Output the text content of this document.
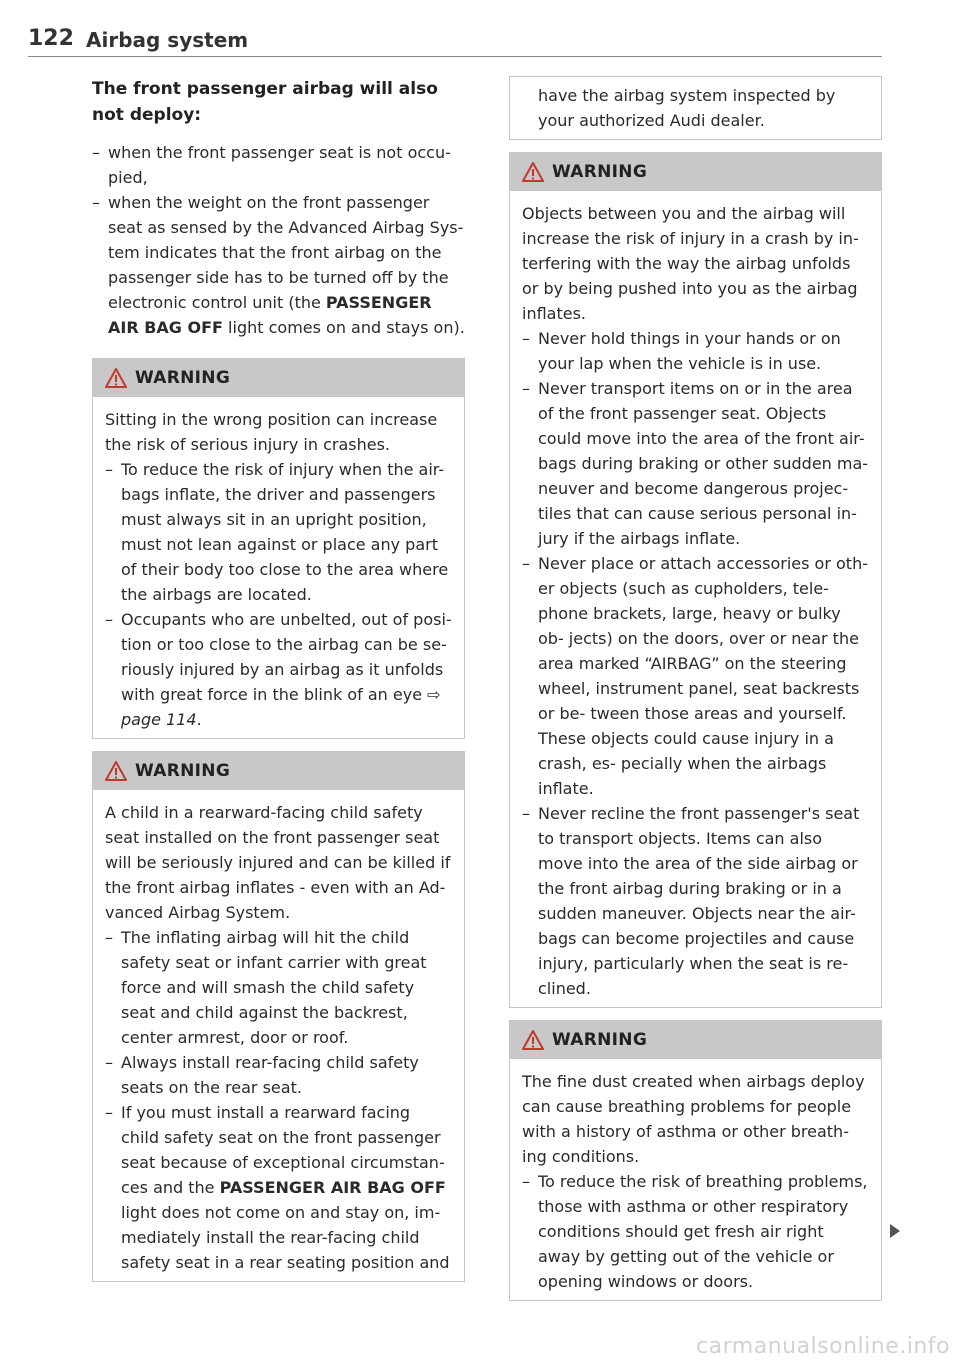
122 Airbag system
The front passenger airbag will also not deploy:
– when the front passenger seat is not occu- pied,
– when the weight on the front passenger seat as sensed by the Advanced Airbag Sys- tem indicates that the front airbag on the passenger side has to be turned off by the electronic control unit (the PASSENGER AIR BAG OFF light comes on and stays on).
WARNING

Sitting in the wrong position can increase the risk of serious injury in crashes.

– To reduce the risk of injury when the air- bags inflate, the driver and passengers must always sit in an upright position, must not lean against or place any part of their body too close to the area where the airbags are located.
– Occupants who are unbelted, out of posi- tion or too close to the airbag can be se- riously injured by an airbag as it unfolds with great force in the blink of an eye ⇨ page 114.
WARNING

A child in a rearward-facing child safety seat installed on the front passenger seat will be seriously injured and can be killed if the front airbag inflates - even with an Ad- vanced Airbag System.

– The inflating airbag will hit the child safety seat or infant carrier with great force and will smash the child safety seat and child against the backrest, center armrest, door or roof.
– Always install rear-facing child safety seats on the rear seat.
– If you must install a rearward facing child safety seat on the front passenger seat because of exceptional circumstan- ces and the PASSENGER AIR BAG OFF light does not come on and stay on, im- mediately install the rear-facing child safety seat in a rear seating position and
have the airbag system inspected by your authorized Audi dealer.
WARNING

Objects between you and the airbag will increase the risk of injury in a crash by in- terfering with the way the airbag unfolds or by being pushed into you as the airbag inflates.

– Never hold things in your hands or on your lap when the vehicle is in use.
– Never transport items on or in the area of the front passenger seat. Objects could move into the area of the front air- bags during braking or other sudden ma- neuver and become dangerous projec- tiles that can cause serious personal in- jury if the airbags inflate.
– Never place or attach accessories or oth- er objects (such as cupholders, tele- phone brackets, large, heavy or bulky ob- jects) on the doors, over or near the area marked “AIRBAG” on the steering wheel, instrument panel, seat backrests or be- tween those areas and yourself. These objects could cause injury in a crash, es- pecially when the airbags inflate.
– Never recline the front passenger's seat to transport objects. Items can also move into the area of the side airbag or the front airbag during braking or in a sudden maneuver. Objects near the air- bags can become projectiles and cause injury, particularly when the seat is re- clined.
WARNING

The fine dust created when airbags deploy can cause breathing problems for people with a history of asthma or other breath- ing conditions.

– To reduce the risk of breathing problems, those with asthma or other respiratory conditions should get fresh air right away by getting out of the vehicle or opening windows or doors.
carmanualsonline.info
